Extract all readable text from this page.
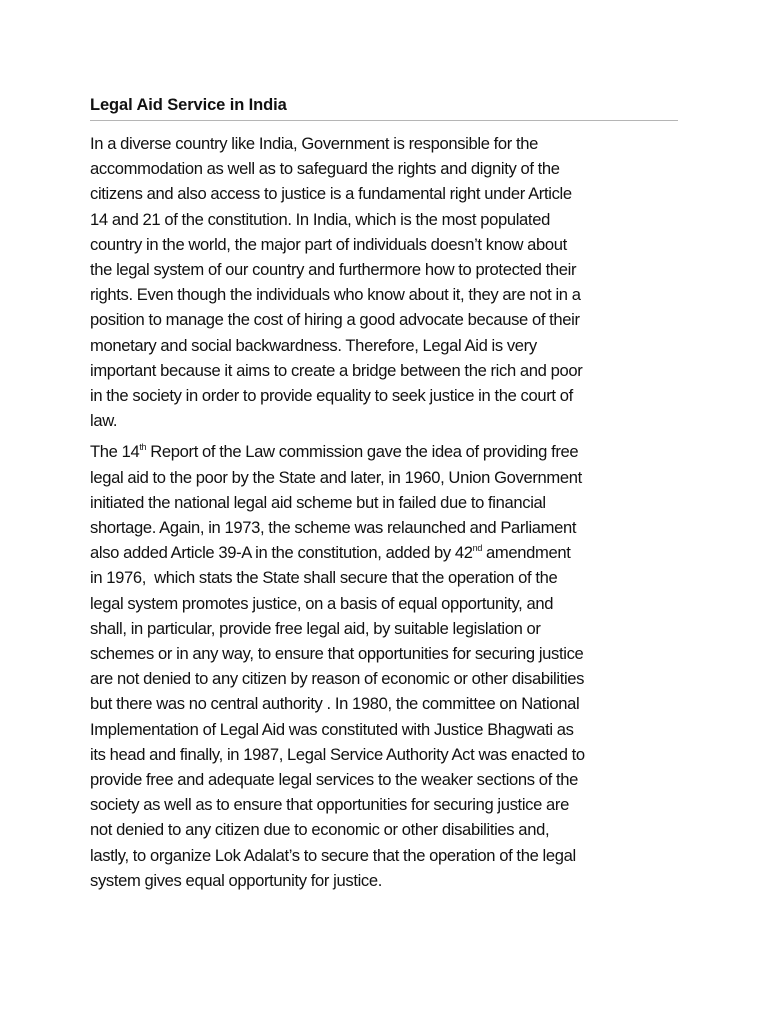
Legal Aid Service in India

In a diverse country like India, Government is responsible for the
accommodation as well as to safeguard the rights and dignity of the
citizens and also access to justice is a fundamental right under Article
14 and 21 of the constitution. In India, which is the most populated
country in the world, the major part of individuals doesn’t know about
the legal system of our country and furthermore how to protected their
rights. Even though the individuals who know about it, they are not in a
position to manage the cost of hiring a good advocate because of their
monetary and social backwardness. Therefore, Legal Aid is very
important because it aims to create a bridge between the rich and poor
in the society in order to provide equality to seek justice in the court of
law.

The 14th Report of the Law commission gave the idea of providing free
legal aid to the poor by the State and later, in 1960, Union Government
initiated the national legal aid scheme but in failed due to financial
shortage. Again, in 1973, the scheme was relaunched and Parliament
also added Article 39-A in the constitution, added by 42nd amendment
in 1976,  which stats the State shall secure that the operation of the
legal system promotes justice, on a basis of equal opportunity, and
shall, in particular, provide free legal aid, by suitable legislation or
schemes or in any way, to ensure that opportunities for securing justice
are not denied to any citizen by reason of economic or other disabilities
but there was no central authority . In 1980, the committee on National
Implementation of Legal Aid was constituted with Justice Bhagwati as
its head and finally, in 1987, Legal Service Authority Act was enacted to
provide free and adequate legal services to the weaker sections of the
society as well as to ensure that opportunities for securing justice are
not denied to any citizen due to economic or other disabilities and,
lastly, to organize Lok Adalat’s to secure that the operation of the legal
system gives equal opportunity for justice.
